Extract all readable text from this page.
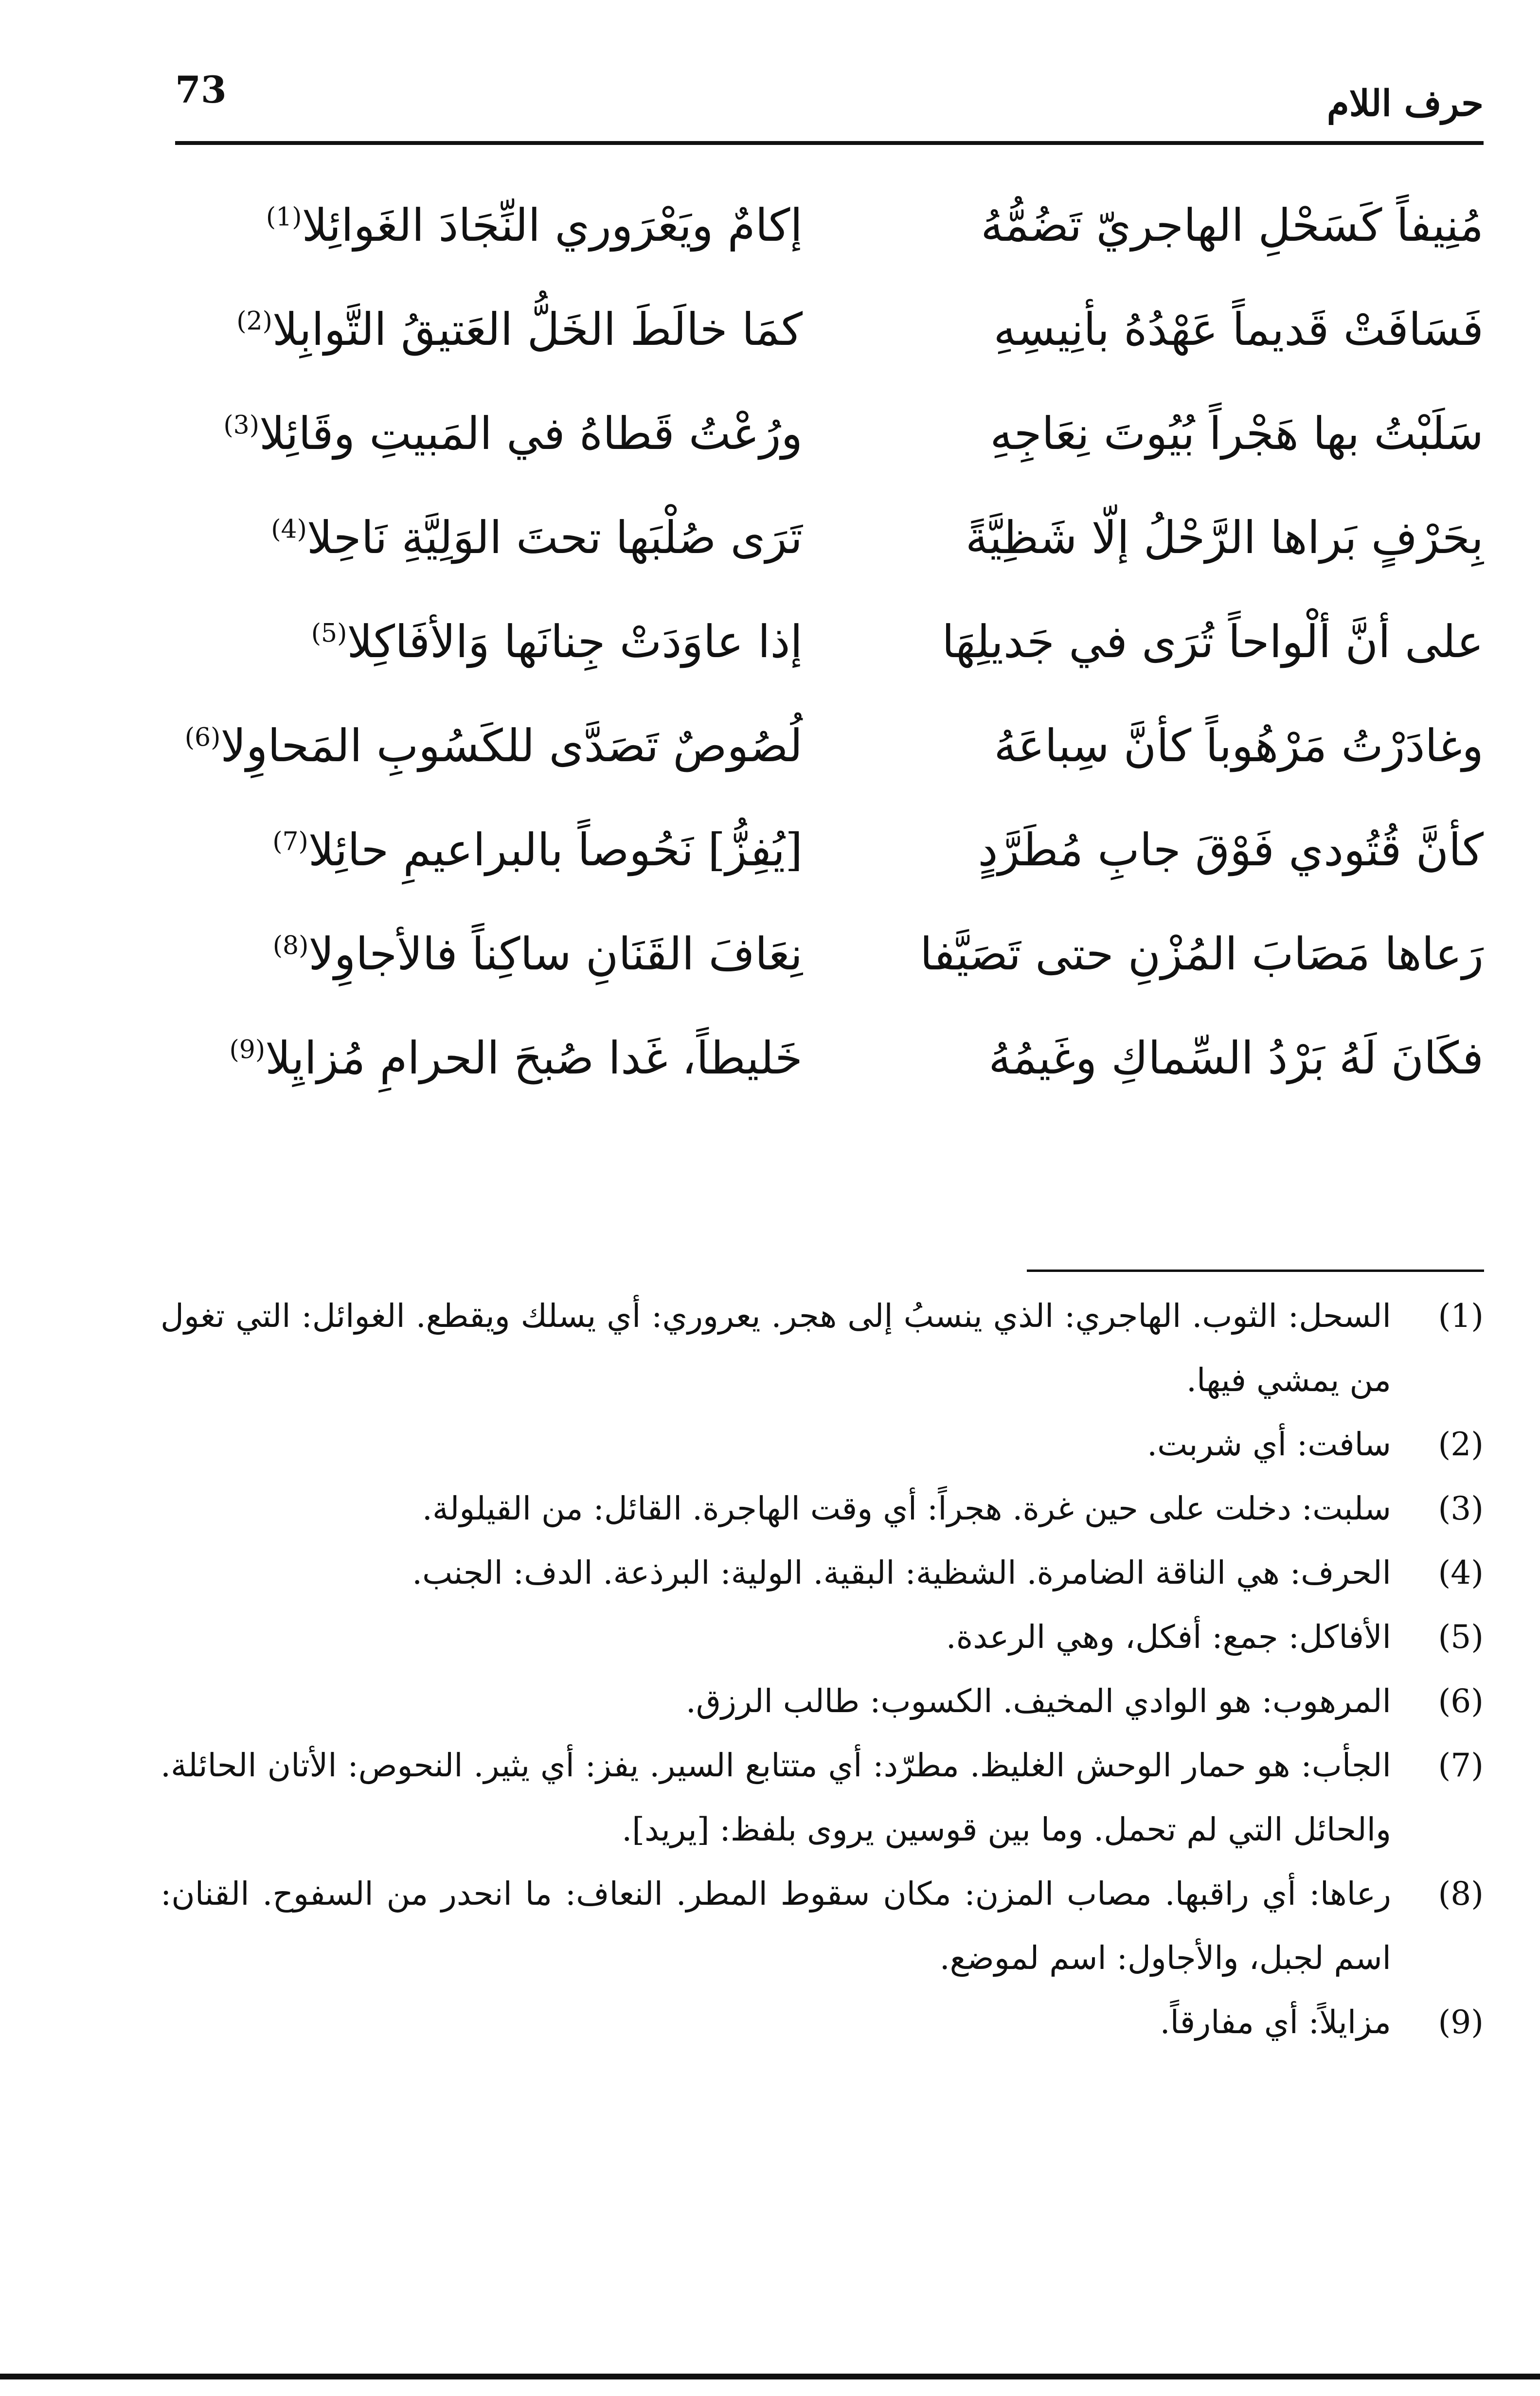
73	حرف اللام
مُنِيفاً كَسَحْلِ الهاجريّ تَضُمُّهُ
إكامٌ ويَعْرَوري النِّجَادَ الغَوائِلا$^{(1)}$
فَسَافَتْ قَديماً عَهْدُهُ بأنِيسِهِ
كمَا خالَطَ الخَلُّ العَتيقُ التَّوابِلا$^{(2)}$
سَلَبْتُ بها هَجْراً بُيُوتَ نِعَاجِهِ
ورُعْتُ قَطاهُ في المَبيتِ وقَائِلا$^{(3)}$
بِحَرْفٍ بَراها الرَّحْلُ إلّا شَظِيَّةً
تَرَى صُلْبَها تحتَ الوَلِيَّةِ نَاحِلا$^{(4)}$
على أنَّ ألْواحاً تُرَى في جَديلِهَا
إذا عاوَدَتْ جِنانَها وَالأفَاكِلا$^{(5)}$
وغادَرْتُ مَرْهُوباً كأنَّ سِباعَهُ
لُصُوصٌ تَصَدَّى للكَسُوبِ المَحاوِلا$^{(6)}$
كأنَّ قُتُودي فَوْقَ جابِ مُطَرَّدٍ
[يُفِزُّ] نَحُوصاً بالبراعيمِ حائِلا$^{(7)}$
رَعاها مَصَابَ المُزْنِ حتى تَصَيَّفا
نِعَافَ القَنَانِ ساكِناً فالأجاوِلا$^{(8)}$
فكَانَ لَهُ بَرْدُ السِّماكِ وغَيمُهُ
خَليطاً، غَدا صُبحَ الحرامِ مُزايِلا$^{(9)}$
(1)
السحل: الثوب. الهاجري: الذي ينسبُ إلى هجر. يعروري: أي يسلك ويقطع. الغوائل: التي تغول من يمشي فيها.
(2)
سافت: أي شربت.
(3)
سلبت: دخلت على حين غرة. هجراً: أي وقت الهاجرة. القائل: من القيلولة.
(4)
الحرف: هي الناقة الضامرة. الشظية: البقية. الولية: البرذعة. الدف: الجنب.
(5)
الأفاكل: جمع: أفكل، وهي الرعدة.
(6)
المرهوب: هو الوادي المخيف. الكسوب: طالب الرزق.
(7)
الجأب: هو حمار الوحش الغليظ. مطرّد: أي متتابع السير. يفز: أي يثير. النحوص: الأتان الحائلة. والحائل التي لم تحمل. وما بين قوسين يروى بلفظ: [يريد].
(8)
رعاها: أي راقبها. مصاب المزن: مكان سقوط المطر. النعاف: ما انحدر من السفوح. القنان: اسم لجبل، والأجاول: اسم لموضع.
(9)
مزايلاً: أي مفارقاً.
